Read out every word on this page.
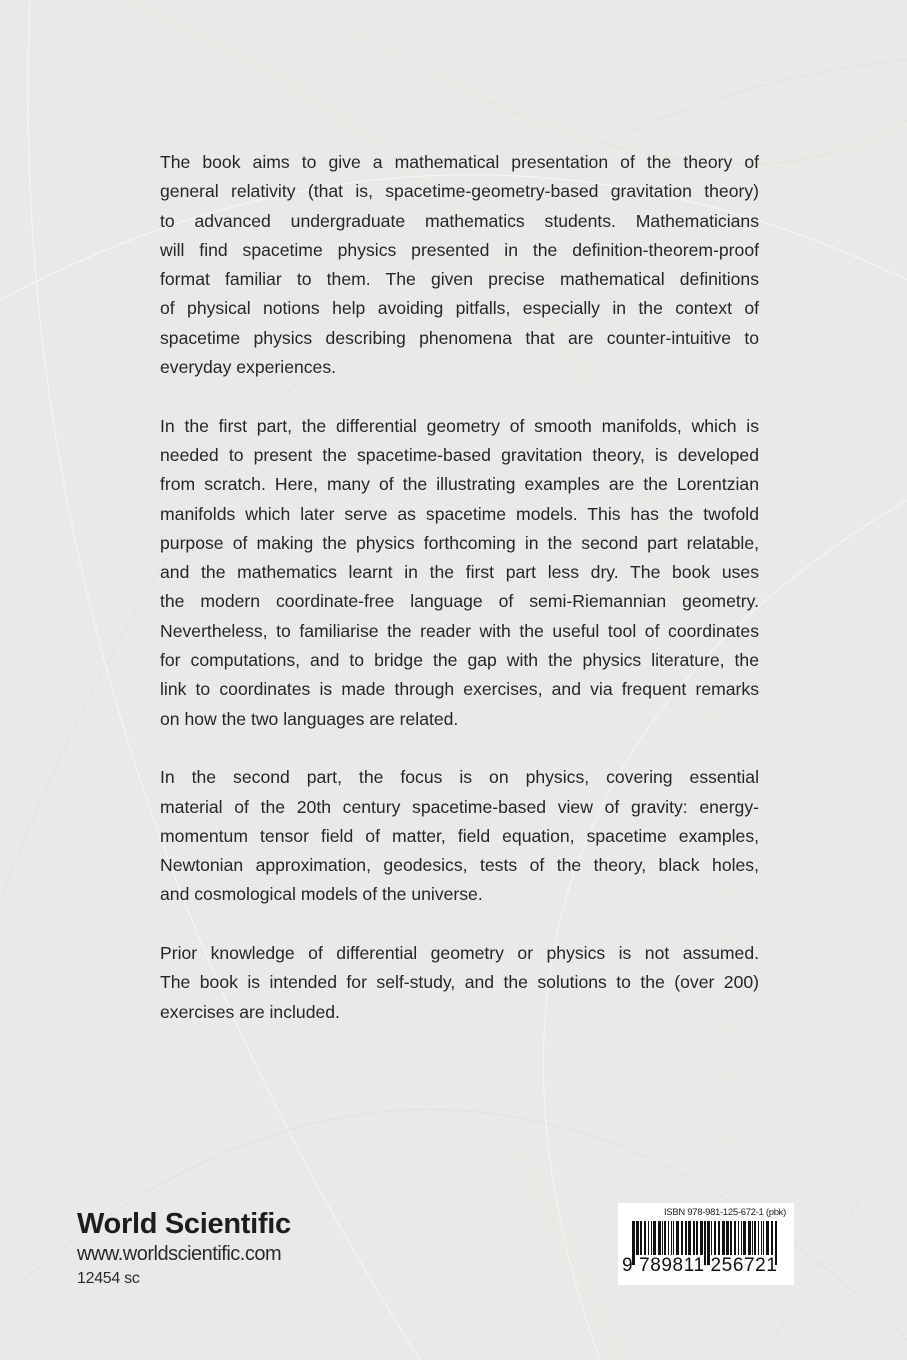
The book aims to give a mathematical presentation of the theory of
general relativity (that is, spacetime-geometry-based gravitation theory)
to advanced undergraduate mathematics students. Mathematicians
will find spacetime physics presented in the definition-theorem-proof
format familiar to them. The given precise mathematical definitions
of physical notions help avoiding pitfalls, especially in the context of
spacetime physics describing phenomena that are counter-intuitive to
everyday experiences.
In the first part, the differential geometry of smooth manifolds, which is
needed to present the spacetime-based gravitation theory, is developed
from scratch. Here, many of the illustrating examples are the Lorentzian
manifolds which later serve as spacetime models. This has the twofold
purpose of making the physics forthcoming in the second part relatable,
and the mathematics learnt in the first part less dry. The book uses
the modern coordinate-free language of semi-Riemannian geometry.
Nevertheless, to familiarise the reader with the useful tool of coordinates
for computations, and to bridge the gap with the physics literature, the
link to coordinates is made through exercises, and via frequent remarks
on how the two languages are related.
In the second part, the focus is on physics, covering essential
material of the 20th century spacetime-based view of gravity: energy-
momentum tensor field of matter, field equation, spacetime examples,
Newtonian approximation, geodesics, tests of the theory, black holes,
and cosmological models of the universe.
Prior knowledge of differential geometry or physics is not assumed.
The book is intended for self-study, and the solutions to the (over 200)
exercises are included.
World Scientific
www.worldscientific.com
12454 sc
ISBN 978-981-125-672-1 (pbk)
9 789811 256721
